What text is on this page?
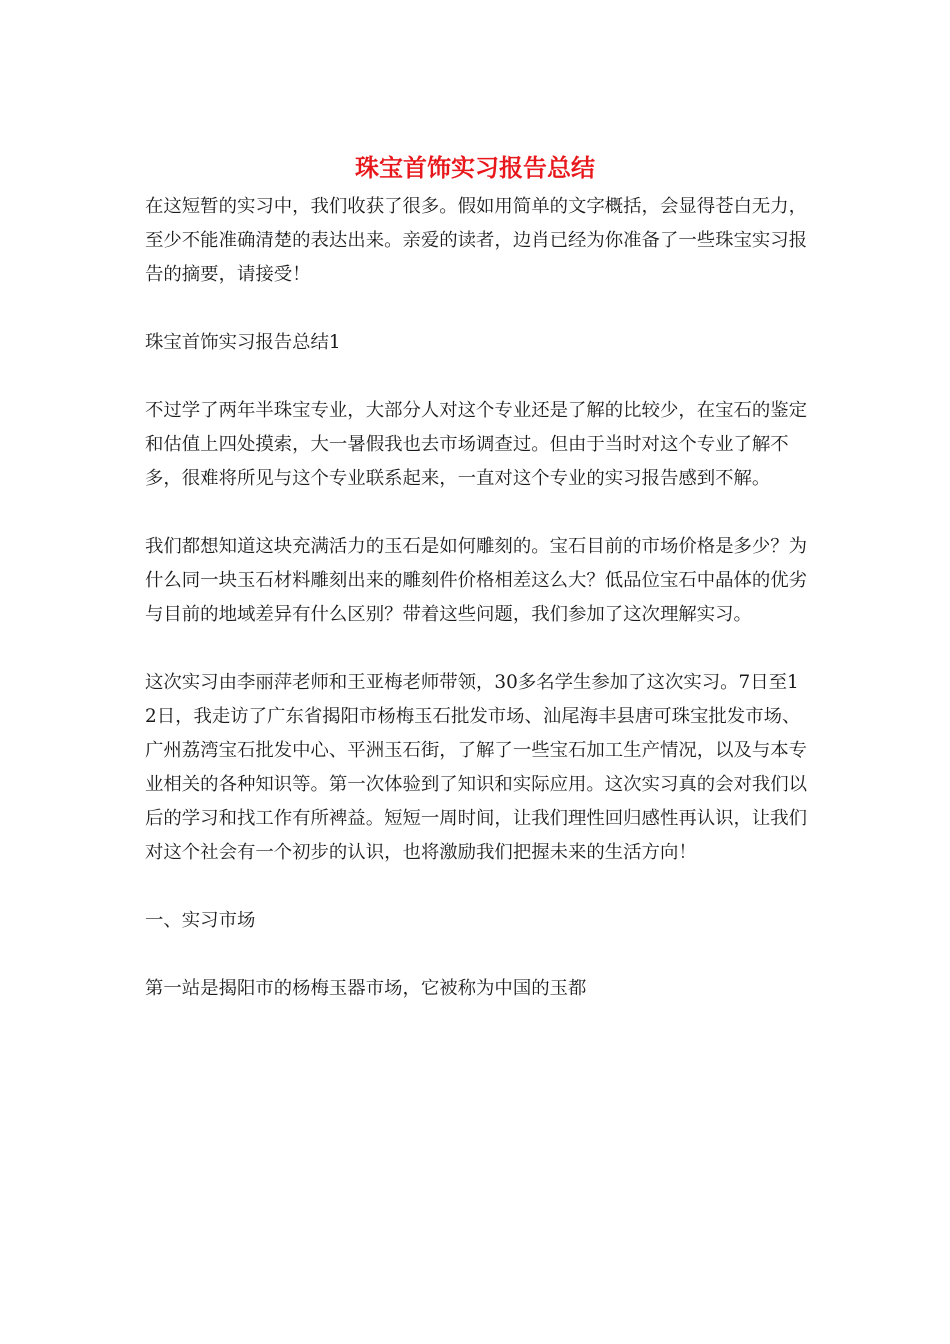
珠宝首饰实习报告总结

在这短暂的实习中，我们收获了很多。假如用简单的文字概括，会显得苍白无力，至少不能准确清楚的表达出来。亲爱的读者，边肖已经为你准备了一些珠宝实习报告的摘要，请接受！

珠宝首饰实习报告总结1

不过学了两年半珠宝专业，大部分人对这个专业还是了解的比较少，在宝石的鉴定和估值上四处摸索，大一暑假我也去市场调查过。但由于当时对这个专业了解不多，很难将所见与这个专业联系起来，一直对这个专业的实习报告感到不解。

我们都想知道这块充满活力的玉石是如何雕刻的。宝石目前的市场价格是多少？为什么同一块玉石材料雕刻出来的雕刻件价格相差这么大？低品位宝石中晶体的优劣与目前的地域差异有什么区别？带着这些问题，我们参加了这次理解实习。

这次实习由李丽萍老师和王亚梅老师带领，30多名学生参加了这次实习。7日至12日，我走访了广东省揭阳市杨梅玉石批发市场、汕尾海丰县唐可珠宝批发市场、广州荔湾宝石批发中心、平洲玉石街，了解了一些宝石加工生产情况，以及与本专业相关的各种知识等。第一次体验到了知识和实际应用。这次实习真的会对我们以后的学习和找工作有所裨益。短短一周时间，让我们理性回归感性再认识，让我们对这个社会有一个初步的认识，也将激励我们把握未来的生活方向！

一、实习市场

第一站是揭阳市的杨梅玉器市场，它被称为中国的玉都
